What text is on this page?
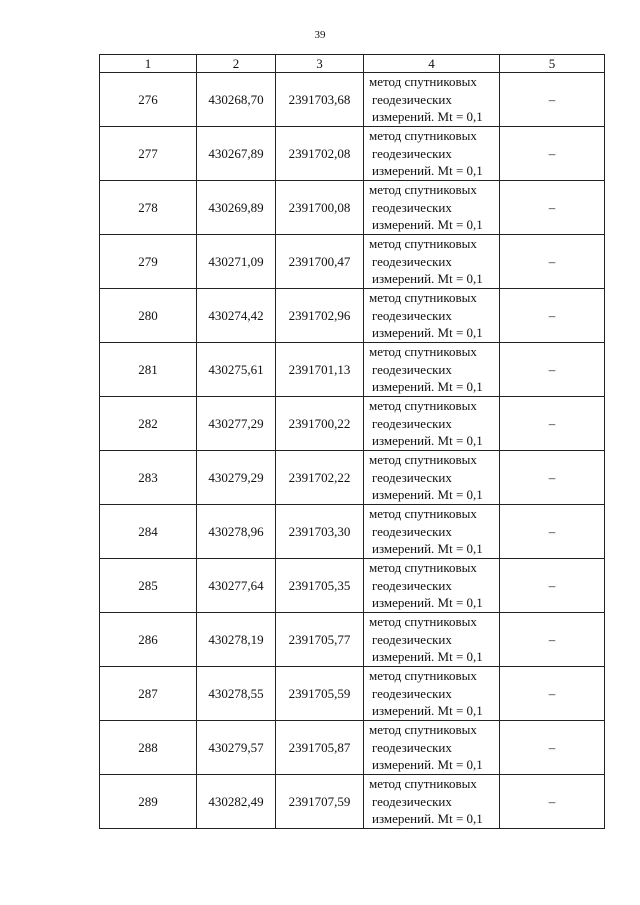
39
1	2	3	4	5
276	430268,70	2391703,68	метод спутниковых
геодезических
измерений. Mt = 0,1	–
277	430267,89	2391702,08	метод спутниковых
геодезических
измерений. Mt = 0,1	–
278	430269,89	2391700,08	метод спутниковых
геодезических
измерений. Mt = 0,1	–
279	430271,09	2391700,47	метод спутниковых
геодезических
измерений. Mt = 0,1	–
280	430274,42	2391702,96	метод спутниковых
геодезических
измерений. Mt = 0,1	–
281	430275,61	2391701,13	метод спутниковых
геодезических
измерений. Mt = 0,1	–
282	430277,29	2391700,22	метод спутниковых
геодезических
измерений. Mt = 0,1	–
283	430279,29	2391702,22	метод спутниковых
геодезических
измерений. Mt = 0,1	–
284	430278,96	2391703,30	метод спутниковых
геодезических
измерений. Mt = 0,1	–
285	430277,64	2391705,35	метод спутниковых
геодезических
измерений. Mt = 0,1	–
286	430278,19	2391705,77	метод спутниковых
геодезических
измерений. Mt = 0,1	–
287	430278,55	2391705,59	метод спутниковых
геодезических
измерений. Mt = 0,1	–
288	430279,57	2391705,87	метод спутниковых
геодезических
измерений. Mt = 0,1	–
289	430282,49	2391707,59	метод спутниковых
геодезических
измерений. Mt = 0,1	–
